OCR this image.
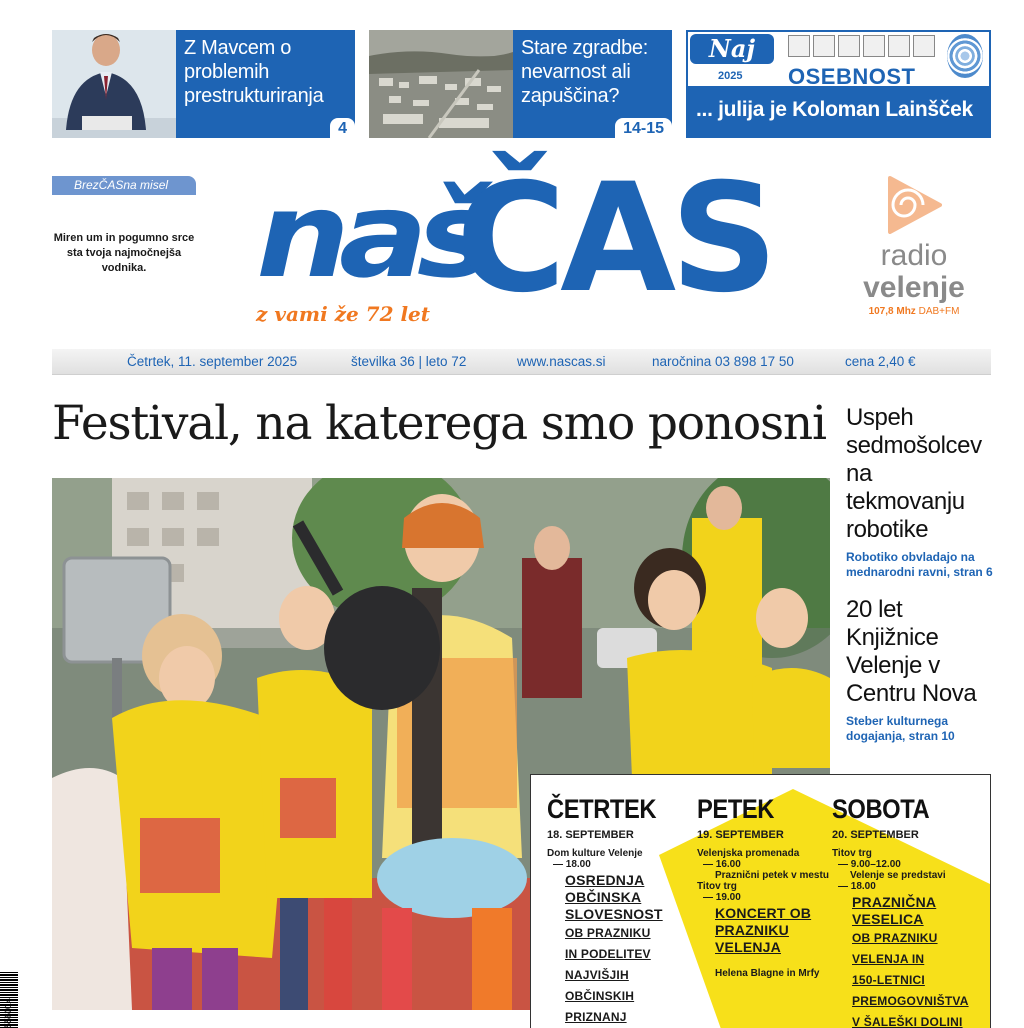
Z Mavcem o problemih prestrukturiranja
4
Stare zgradbe: nevarnost ali zapuščina?
14-15
Naj
2025 OSEBNOST
... julija je Koloman Lainšček
BrezČASna misel
Miren um in pogumno srce sta tvoja najmočnejša vodnika. naš
ČAS
z vami že 72 let
radio
velenje
107,8 Mhz DAB+FM
Četrtek, 11. september 2025	številka 36 | leto 72	www.nascas.si	naročnina 03 898 17 50	cena 2,40 €
Festival, na katerega smo ponosni Uspeh sedmošolcev na tekmovanju robotike
Robotiko obvladajo na mednarodni ravni, stran 6
20 let Knjižnice Velenje v Centru Nova
Steber kulturnega dogajanja, stran 10
ČETRTEK
18. SEPTEMBER
Dom kulture Velenje
— 18.00
OSREDNJA OBČINSKA SLOVESNOST
OB PRAZNIKU
IN PODELITEV
NAJVIŠJIH
OBČINSKIH
PRIZNANJ
PETEK
19. SEPTEMBER
Velenjska promenada
— 16.00
Praznični petek v mestu
Titov trg
— 19.00
KONCERT OB PRAZNIKU VELENJA
Helena Blagne in Mrfy
SOBOTA
20. SEPTEMBER
Titov trg
— 9.00–12.00
Velenje se predstavi
— 18.00
PRAZNIČNA VESELICA
OB PRAZNIKU
VELENJA IN
150-LETNICI
PREMOGOVNIŠTVA
V ŠALEŠKI DOLINI
556014
